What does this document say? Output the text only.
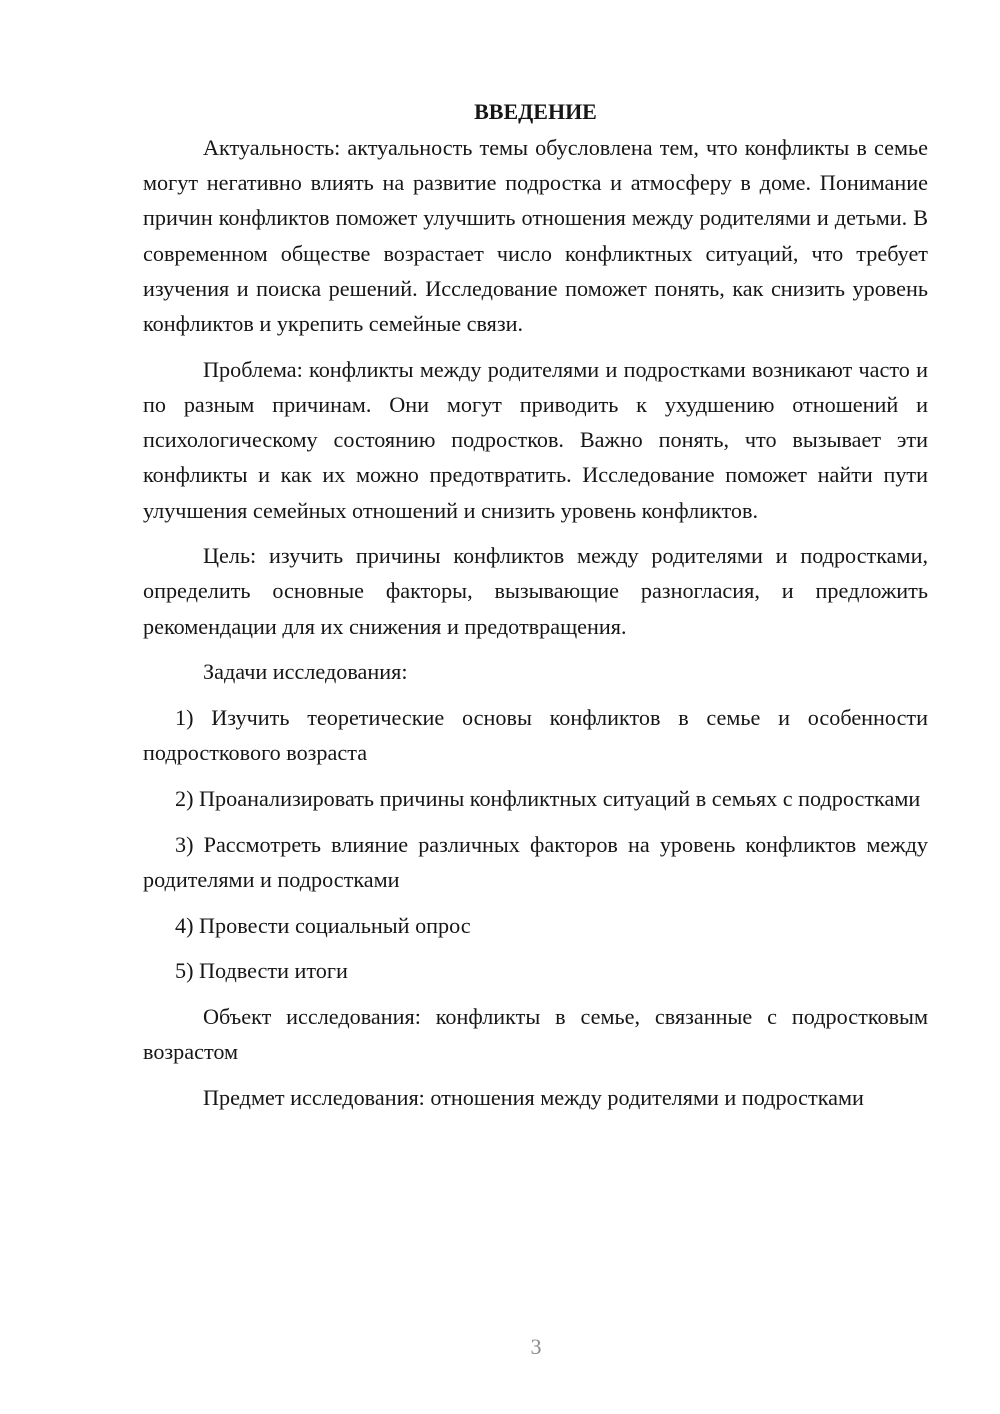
ВВЕДЕНИЕ

Актуальность: актуальность темы обусловлена тем, что конфликты в семье могут негативно влиять на развитие подростка и атмосферу в доме. Понимание причин конфликтов поможет улучшить отношения между родителями и детьми. В современном обществе возрастает число конфликтных ситуаций, что требует изучения и поиска решений. Исследование поможет понять, как снизить уровень конфликтов и укрепить семейные связи.

Проблема: конфликты между родителями и подростками возникают часто и по разным причинам. Они могут приводить к ухудшению отношений и психологическому состоянию подростков. Важно понять, что вызывает эти конфликты и как их можно предотвратить. Исследование поможет найти пути улучшения семейных отношений и снизить уровень конфликтов.

Цель: изучить причины конфликтов между родителями и подростками, определить основные факторы, вызывающие разногласия, и предложить рекомендации для их снижения и предотвращения.

Задачи исследования:

1) Изучить теоретические основы конфликтов в семье и особенности подросткового возраста

2) Проанализировать причины конфликтных ситуаций в семьях с подростками

3) Рассмотреть влияние различных факторов на уровень конфликтов между родителями и подростками

4) Провести социальный опрос

5) Подвести итоги

Объект исследования: конфликты в семье, связанные с подростковым возрастом

Предмет исследования: отношения между родителями и подростками

3
